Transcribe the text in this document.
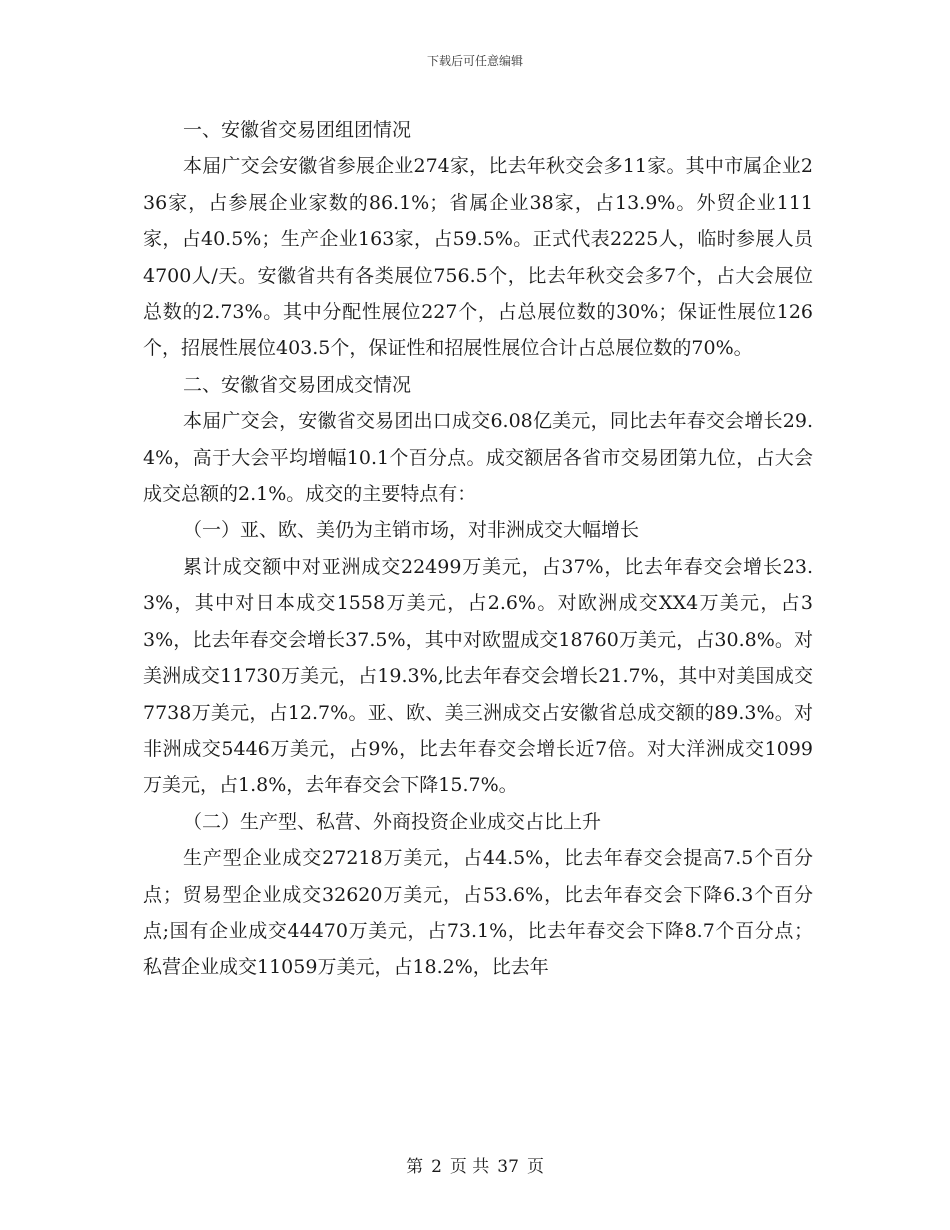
下载后可任意编辑

一、安徽省交易团组团情况

本届广交会安徽省参展企业274家，比去年秋交会多11家。其中市属企业236家，占参展企业家数的86.1%；省属企业38家，占13.9%。外贸企业111家，占40.5%；生产企业163家，占59.5%。正式代表2225人，临时参展人员4700人/天。安徽省共有各类展位756.5个，比去年秋交会多7个，占大会展位总数的2.73%。其中分配性展位227个，占总展位数的30%；保证性展位126个，招展性展位403.5个，保证性和招展性展位合计占总展位数的70%。

二、安徽省交易团成交情况

本届广交会，安徽省交易团出口成交6.08亿美元，同比去年春交会增长29.4%，高于大会平均增幅10.1个百分点。成交额居各省市交易团第九位，占大会成交总额的2.1%。成交的主要特点有：

（一）亚、欧、美仍为主销市场，对非洲成交大幅增长

累计成交额中对亚洲成交22499万美元，占37%，比去年春交会增长23.3%，其中对日本成交1558万美元，占2.6%。对欧洲成交XX4万美元，占33%，比去年春交会增长37.5%，其中对欧盟成交18760万美元，占30.8%。对美洲成交11730万美元，占19.3%,比去年春交会增长21.7%，其中对美国成交7738万美元，占12.7%。亚、欧、美三洲成交占安徽省总成交额的89.3%。对非洲成交5446万美元，占9%，比去年春交会增长近7倍。对大洋洲成交1099万美元，占1.8%，去年春交会下降15.7%。

（二）生产型、私营、外商投资企业成交占比上升

生产型企业成交27218万美元，占44.5%，比去年春交会提高7.5个百分点；贸易型企业成交32620万美元，占53.6%，比去年春交会下降6.3个百分点;国有企业成交44470万美元，占73.1%，比去年春交会下降8.7个百分点；私营企业成交11059万美元，占18.2%，比去年

第 2 页 共 37 页
